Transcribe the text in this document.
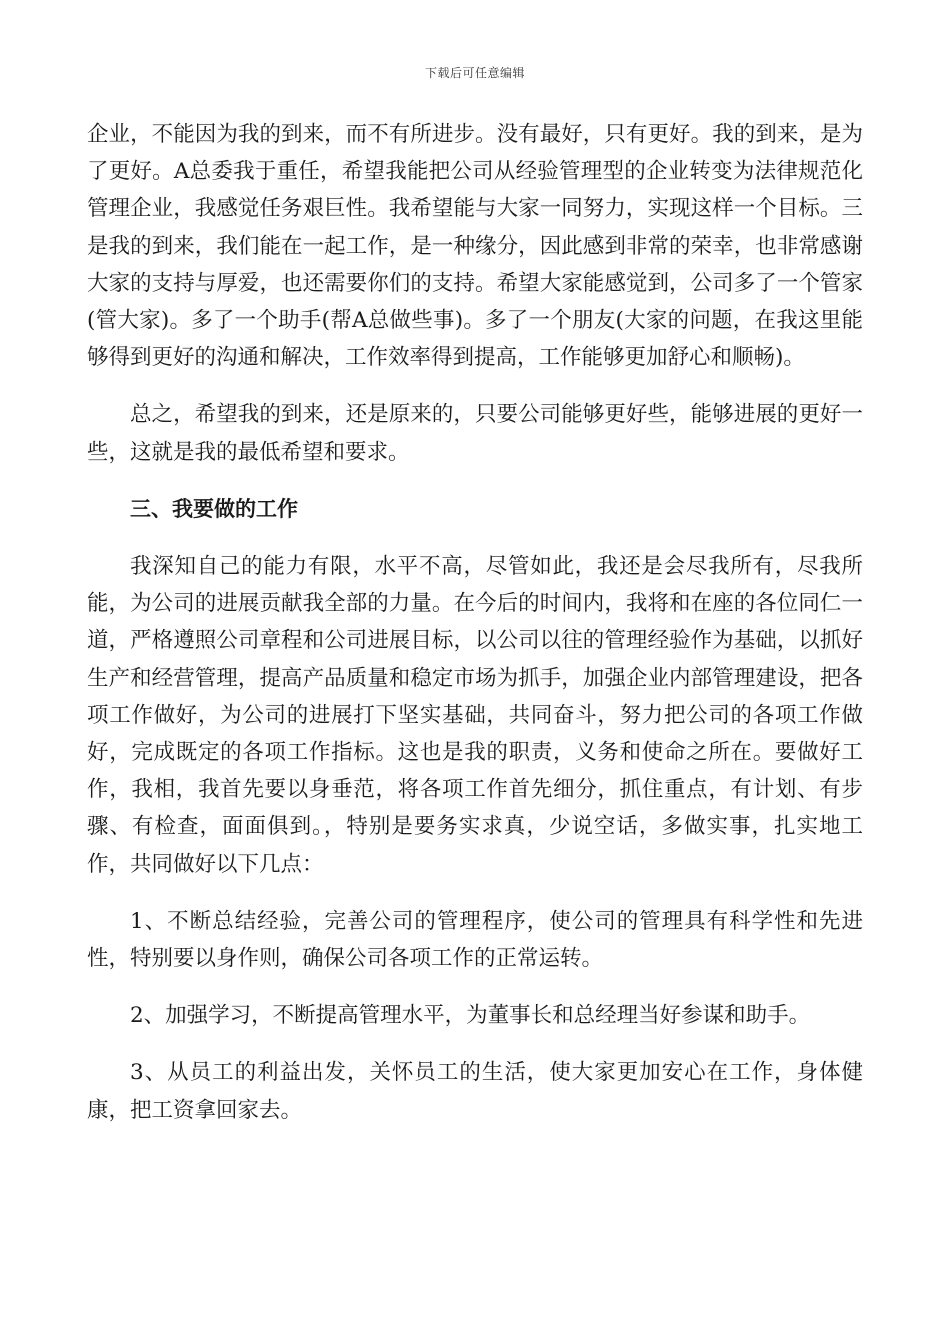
下载后可任意编辑

企业，不能因为我的到来，而不有所进步。没有最好，只有更好。我的到来，是为了更好。A总委我于重任，希望我能把公司从经验管理型的企业转变为法律规范化管理企业，我感觉任务艰巨性。我希望能与大家一同努力，实现这样一个目标。三是我的到来，我们能在一起工作，是一种缘分，因此感到非常的荣幸，也非常感谢大家的支持与厚爱，也还需要你们的支持。希望大家能感觉到，公司多了一个管家(管大家)。多了一个助手(帮A总做些事)。多了一个朋友(大家的问题，在我这里能够得到更好的沟通和解决，工作效率得到提高，工作能够更加舒心和顺畅)。

总之，希望我的到来，还是原来的，只要公司能够更好些，能够进展的更好一些，这就是我的最低希望和要求。

三、我要做的工作

我深知自己的能力有限，水平不高，尽管如此，我还是会尽我所有，尽我所能，为公司的进展贡献我全部的力量。在今后的时间内，我将和在座的各位同仁一道，严格遵照公司章程和公司进展目标，以公司以往的管理经验作为基础，以抓好生产和经营管理，提高产品质量和稳定市场为抓手，加强企业内部管理建设，把各项工作做好，为公司的进展打下坚实基础，共同奋斗，努力把公司的各项工作做好，完成既定的各项工作指标。这也是我的职责，义务和使命之所在。要做好工作，我相，我首先要以身垂范，将各项工作首先细分，抓住重点，有计划、有步骤、有检查，面面俱到。，特别是要务实求真，少说空话，多做实事，扎实地工作，共同做好以下几点：

1、不断总结经验，完善公司的管理程序，使公司的管理具有科学性和先进性，特别要以身作则，确保公司各项工作的正常运转。

2、加强学习，不断提高管理水平，为董事长和总经理当好参谋和助手。

3、从员工的利益出发，关怀员工的生活，使大家更加安心在工作，身体健康，把工资拿回家去。
